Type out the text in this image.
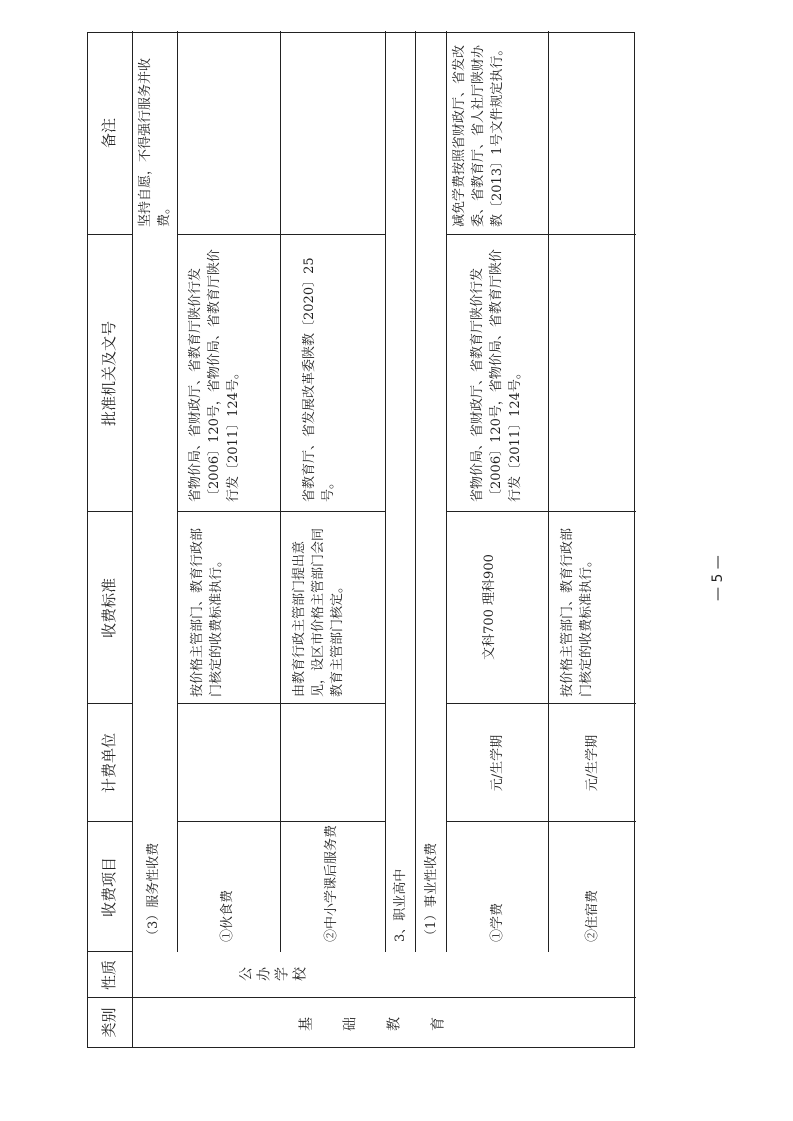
类别
性质
收费项目
计费单位
收费标准
批准机关及文号
备注
基础教育
公办学校
（3）服务性收费
坚持自愿，不得强行服务并收费。
①伙食费
按价格主管部门、教育行政部门核定的收费标准执行。
省物价局、省财政厅、省教育厅陕价行发〔2006〕120号，省物价局、省教育厅陕价行发〔2011〕124号。
②中小学课后服务费
由教育行政主管部门提出意见，设区市价格主管部门会同教育主管部门核定。
省教育厅、省发展改革委陕教〔2020〕25号。
3、职业高中 （1）事业性收费	①学费
元/生学期
文科700 理科900
省物价局、省财政厅、省教育厅陕价行发〔2006〕120号，省物价局、省教育厅陕价行发〔2011〕124号。
减免学费按照省财政厅、省发改委、省教育厅、省人社厅陕财办教〔2013〕1号文件规定执行。
②住宿费
元/生学期
按价格主管部门、教育行政部门核定的收费标准执行。	— 5 —
